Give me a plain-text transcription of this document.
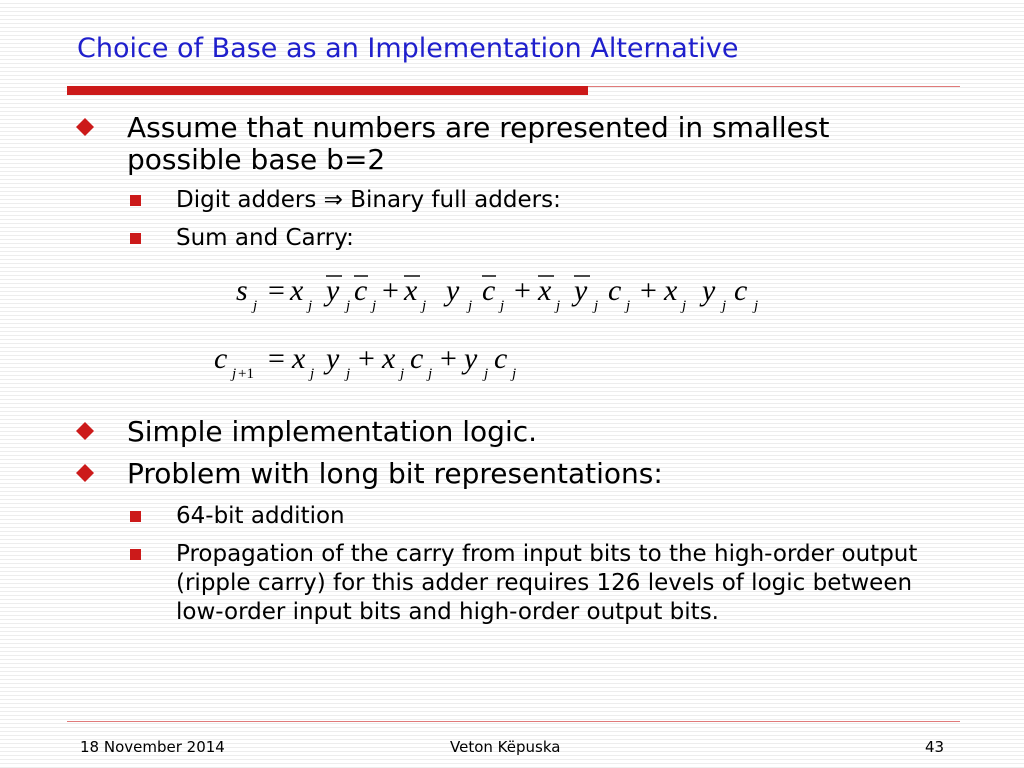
Choice of Base as an Implementation Alternative
Assume that numbers are represented in smallest possible base b=2
Digit adders ⇒ Binary full adders:
Sum and Carry:
s j = x j y j c j + x j y j c j + x j y j c j + x j y j c j
c j +1 = x j y j + x j c j + y j c j
Simple implementation logic.
Problem with long bit representations:
64-bit addition
Propagation of the carry from input bits to the high-order output (ripple carry) for this adder requires 126 levels of logic between low-order input bits and high-order output bits.
18 November 2014	Veton Këpuska	43
